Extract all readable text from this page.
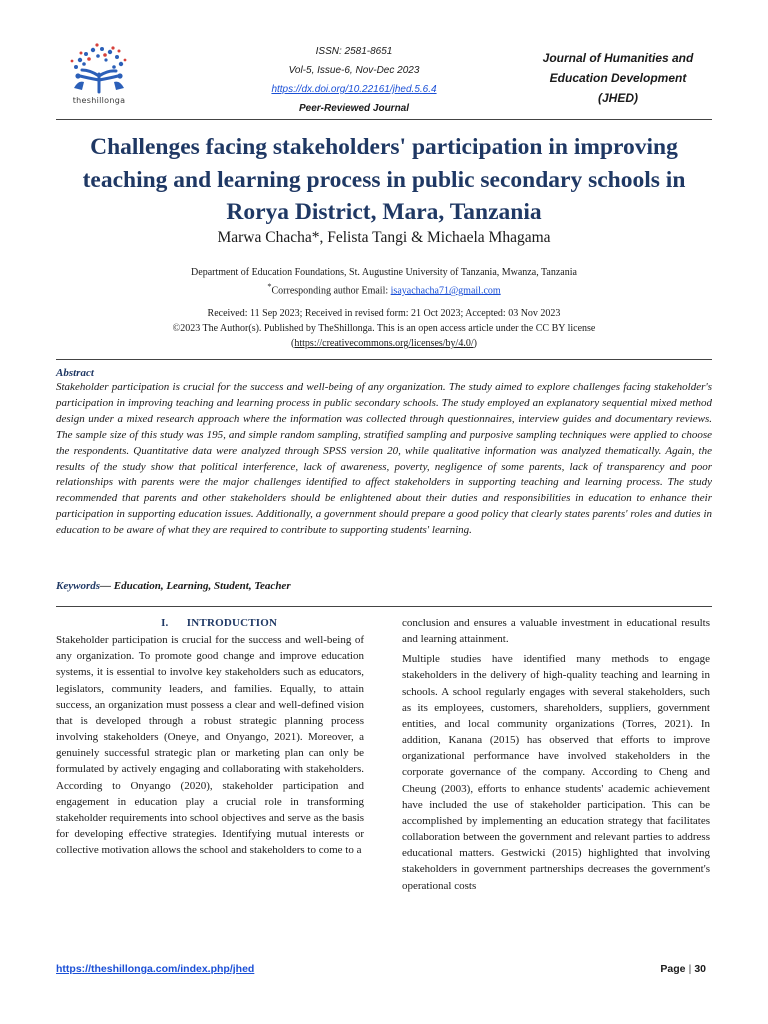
theshillonga
ISSN: 2581-8651
Vol-5, Issue-6, Nov-Dec 2023
https://dx.doi.org/10.22161/jhed.5.6.4
Peer-Reviewed Journal
Journal of Humanities and
Education Development
(JHED)
Challenges facing stakeholders' participation in improving teaching and learning process in public secondary schools in Rorya District, Mara, Tanzania
Marwa Chacha*, Felista Tangi & Michaela Mhagama
Department of Education Foundations, St. Augustine University of Tanzania, Mwanza, Tanzania
*Corresponding author Email: isayachacha71@gmail.com
Received: 11 Sep 2023; Received in revised form: 21 Oct 2023; Accepted: 03 Nov 2023
©2023 The Author(s). Published by TheShillonga. This is an open access article under the CC BY license
(https://creativecommons.org/licenses/by/4.0/)
Abstract

Stakeholder participation is crucial for the success and well-being of any organization. The study aimed to explore challenges facing stakeholder's participation in improving teaching and learning process in public secondary schools. The study employed an explanatory sequential mixed method design under a mixed research approach where the information was collected through questionnaires, interview guides and documentary reviews. The sample size of this study was 195, and simple random sampling, stratified sampling and purposive sampling techniques were applied to choose the respondents. Quantitative data were analyzed through SPSS version 20, while qualitative information was analyzed thematically. Again, the results of the study show that political interference, lack of awareness, poverty, negligence of some parents, lack of transparency and poor relationships with parents were the major challenges identified to affect stakeholders in supporting teaching and learning process. The study recommended that parents and other stakeholders should be enlightened about their duties and responsibilities in education to enhance their participation in supporting education issues. Additionally, a government should prepare a good policy that clearly states parents' roles and duties in education to be aware of what they are required to contribute to supporting students' learning.

Keywords— Education, Learning, Student, Teacher
I. INTRODUCTION

Stakeholder participation is crucial for the success and well-being of any organization. To promote good change and improve education systems, it is essential to involve key stakeholders such as educators, legislators, community leaders, and families. Equally, to attain success, an organization must possess a clear and well-defined vision that is developed through a robust strategic planning process involving stakeholders (Oneye, and Onyango, 2021). Moreover, a genuinely successful strategic plan or marketing plan can only be formulated by actively engaging and collaborating with stakeholders. According to Onyango (2020), stakeholder participation and engagement in education play a crucial role in transforming stakeholder requirements into school objectives and serve as the basis for developing effective strategies. Identifying mutual interests or collective motivation allows the school and stakeholders to come to a

conclusion and ensures a valuable investment in educational results and learning attainment.

Multiple studies have identified many methods to engage stakeholders in the delivery of high-quality teaching and learning in schools. A school regularly engages with several stakeholders, such as its employees, customers, shareholders, suppliers, government entities, and local community organizations (Torres, 2021). In addition, Kanana (2015) has observed that efforts to improve organizational performance have involved stakeholders in the corporate governance of the company. According to Cheng and Cheung (2003), efforts to enhance students' academic achievement have included the use of stakeholder participation. This can be accomplished by implementing an education strategy that facilitates collaboration between the government and relevant parties to address educational matters. Gestwicki (2015) highlighted that involving stakeholders in government partnerships decreases the government's operational costs

https://theshillonga.com/index.php/jhed	Page | 30
